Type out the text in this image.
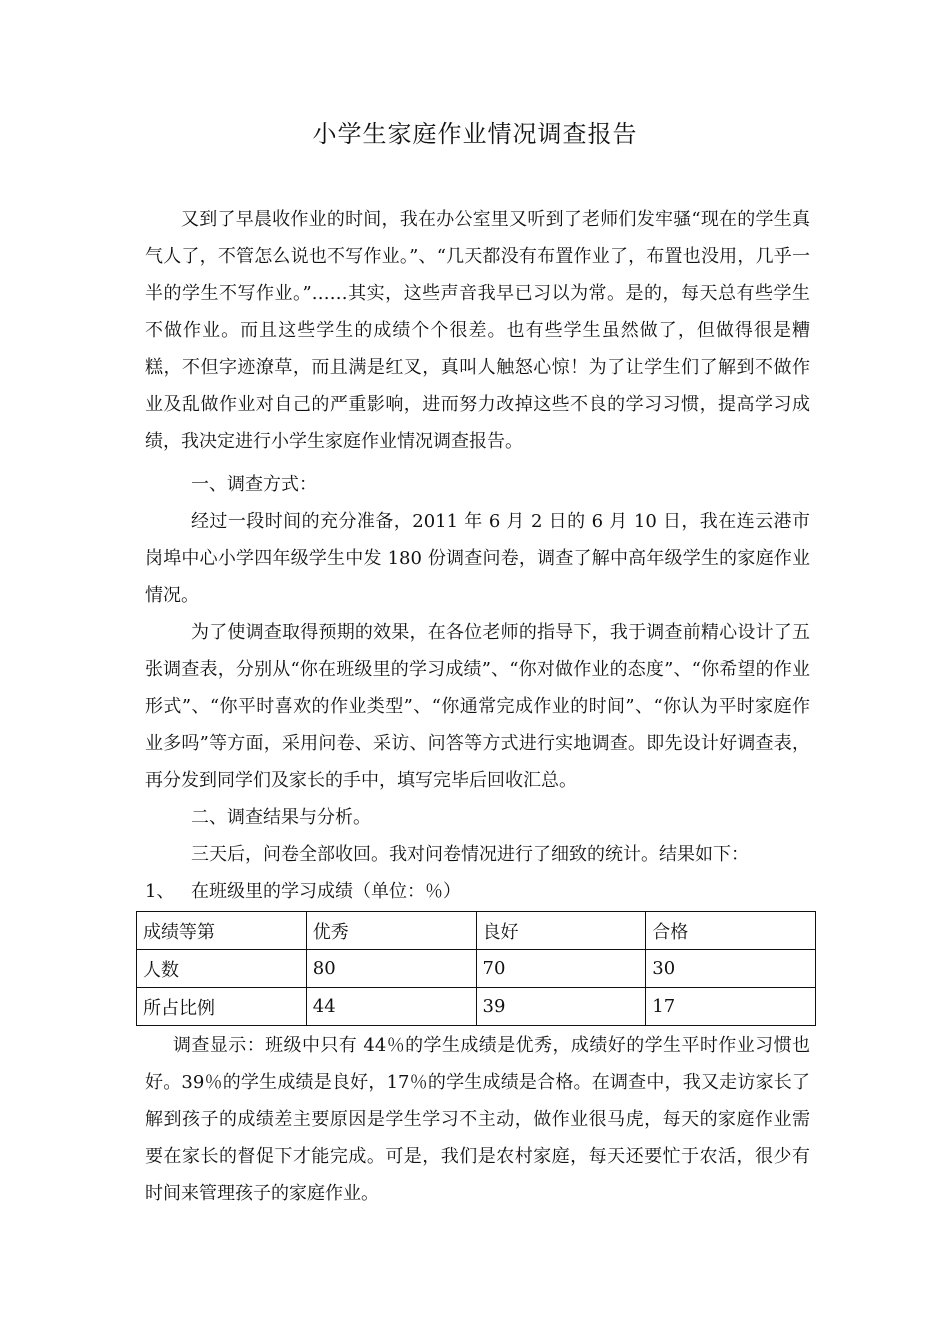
小学生家庭作业情况调查报告
又到了早晨收作业的时间，我在办公室里又听到了老师们发牢骚“现在的学生真气人了，不管怎么说也不写作业。”、“几天都没有布置作业了，布置也没用，几乎一半的学生不写作业。”……其实，这些声音我早已习以为常。是的，每天总有些学生不做作业。而且这些学生的成绩个个很差。也有些学生虽然做了，但做得很是糟糕，不但字迹潦草，而且满是红叉，真叫人触怒心惊！为了让学生们了解到不做作业及乱做作业对自己的严重影响，进而努力改掉这些不良的学习习惯，提高学习成绩，我决定进行小学生家庭作业情况调查报告。
一、调查方式：
经过一段时间的充分准备，2011 年 6 月 2 日的 6 月 10 日，我在连云港市岗埠中心小学四年级学生中发 180 份调查问卷，调查了解中高年级学生的家庭作业情况。
为了使调查取得预期的效果，在各位老师的指导下，我于调查前精心设计了五张调查表，分别从“你在班级里的学习成绩”、“你对做作业的态度”、“你希望的作业形式”、“你平时喜欢的作业类型”、“你通常完成作业的时间”、“你认为平时家庭作业多吗”等方面，采用问卷、采访、问答等方式进行实地调查。即先设计好调查表，再分发到同学们及家长的手中，填写完毕后回收汇总。
二、调查结果与分析。
三天后，问卷全部收回。我对问卷情况进行了细致的统计。结果如下：
1、 在班级里的学习成绩（单位：％）
成绩等第	优秀	良好	合格
人数	80	70	30
所占比例	44	39	17
调查显示：班级中只有 44％的学生成绩是优秀，成绩好的学生平时作业习惯也好。39％的学生成绩是良好，17％的学生成绩是合格。在调查中，我又走访家长了解到孩子的成绩差主要原因是学生学习不主动，做作业很马虎，每天的家庭作业需要在家长的督促下才能完成。可是，我们是农村家庭，每天还要忙于农活，很少有时间来管理孩子的家庭作业。
